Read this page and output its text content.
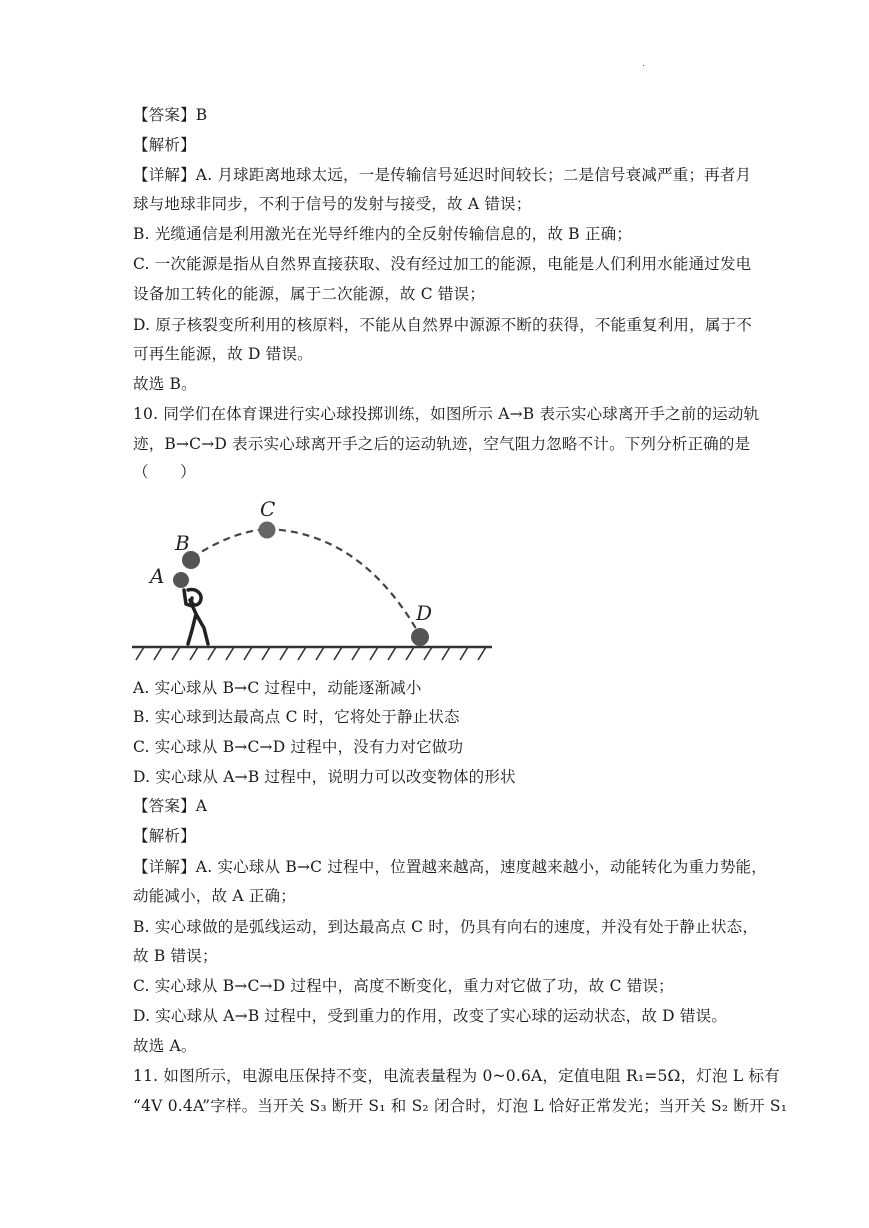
.
【答案】B
【解析】
【详解】A. 月球距离地球太远，一是传输信号延迟时间较长；二是信号衰减严重；再者月
球与地球非同步，不利于信号的发射与接受，故 A 错误；
B. 光缆通信是利用激光在光导纤维内的全反射传输信息的，故 B 正确；
C. 一次能源是指从自然界直接获取、没有经过加工的能源，电能是人们利用水能通过发电
设备加工转化的能源，属于二次能源，故 C 错误；
D. 原子核裂变所利用的核原料，不能从自然界中源源不断的获得，不能重复利用，属于不
可再生能源，故 D 错误。
故选 B。
10. 同学们在体育课进行实心球投掷训练，如图所示 A→B 表示实心球离开手之前的运动轨
迹，B→C→D 表示实心球离开手之后的运动轨迹，空气阻力忽略不计。下列分析正确的是
（　　）
A
B
C
D
A. 实心球从 B→C 过程中，动能逐渐减小
B. 实心球到达最高点 C 时，它将处于静止状态
C. 实心球从 B→C→D 过程中，没有力对它做功
D. 实心球从 A→B 过程中，说明力可以改变物体的形状
【答案】A
【解析】
【详解】A. 实心球从 B→C 过程中，位置越来越高，速度越来越小，动能转化为重力势能，
动能减小，故 A 正确；
B. 实心球做的是弧线运动，到达最高点 C 时，仍具有向右的速度，并没有处于静止状态，
故 B 错误；
C. 实心球从 B→C→D 过程中，高度不断变化，重力对它做了功，故 C 错误；
D. 实心球从 A→B 过程中，受到重力的作用，改变了实心球的运动状态，故 D 错误。
故选 A。
11. 如图所示，电源电压保持不变，电流表量程为 0~0.6A，定值电阻 R₁=5Ω，灯泡 L 标有
“4V 0.4A”字样。当开关 S₃ 断开 S₁ 和 S₂ 闭合时，灯泡 L 恰好正常发光；当开关 S₂ 断开 S₁
